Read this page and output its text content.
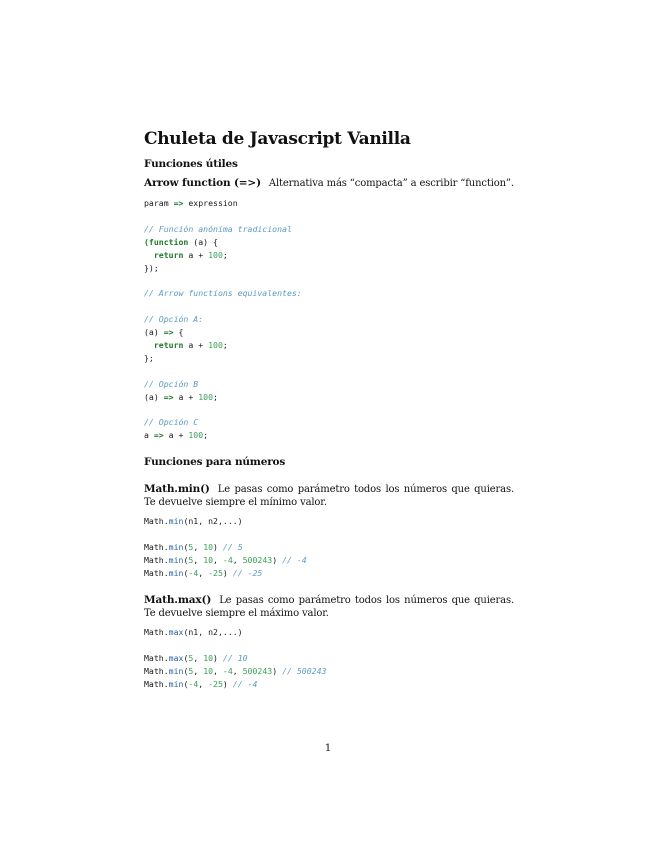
Chuleta de Javascript Vanilla
Funciones útiles

Arrow function (=>) Alternativa más “compacta” a escribir “function”.

param => expression
// Función anónima tradicional
(function (a) {
return a + 100;
});

// Arrow functions equivalentes:

// Opción A:
(a) => {
return a + 100;
};

// Opción B
(a) => a + 100;

// Opción C
a => a + 100;
Funciones para números

Math.min() Le pasas como parámetro todos los números que quieras. Te devuelve siempre el mínimo valor.

Math.min(n1, n2,...)

Math.min(5, 10) // 5
Math.min(5, 10, -4, 500243) // -4
Math.min(-4, -25) // -25

Math.max() Le pasas como parámetro todos los números que quieras. Te devuelve siempre el máximo valor.

Math.max(n1, n2,...)

Math.max(5, 10) // 10
Math.min(5, 10, -4, 500243) // 500243
Math.min(-4, -25) // -4
1
